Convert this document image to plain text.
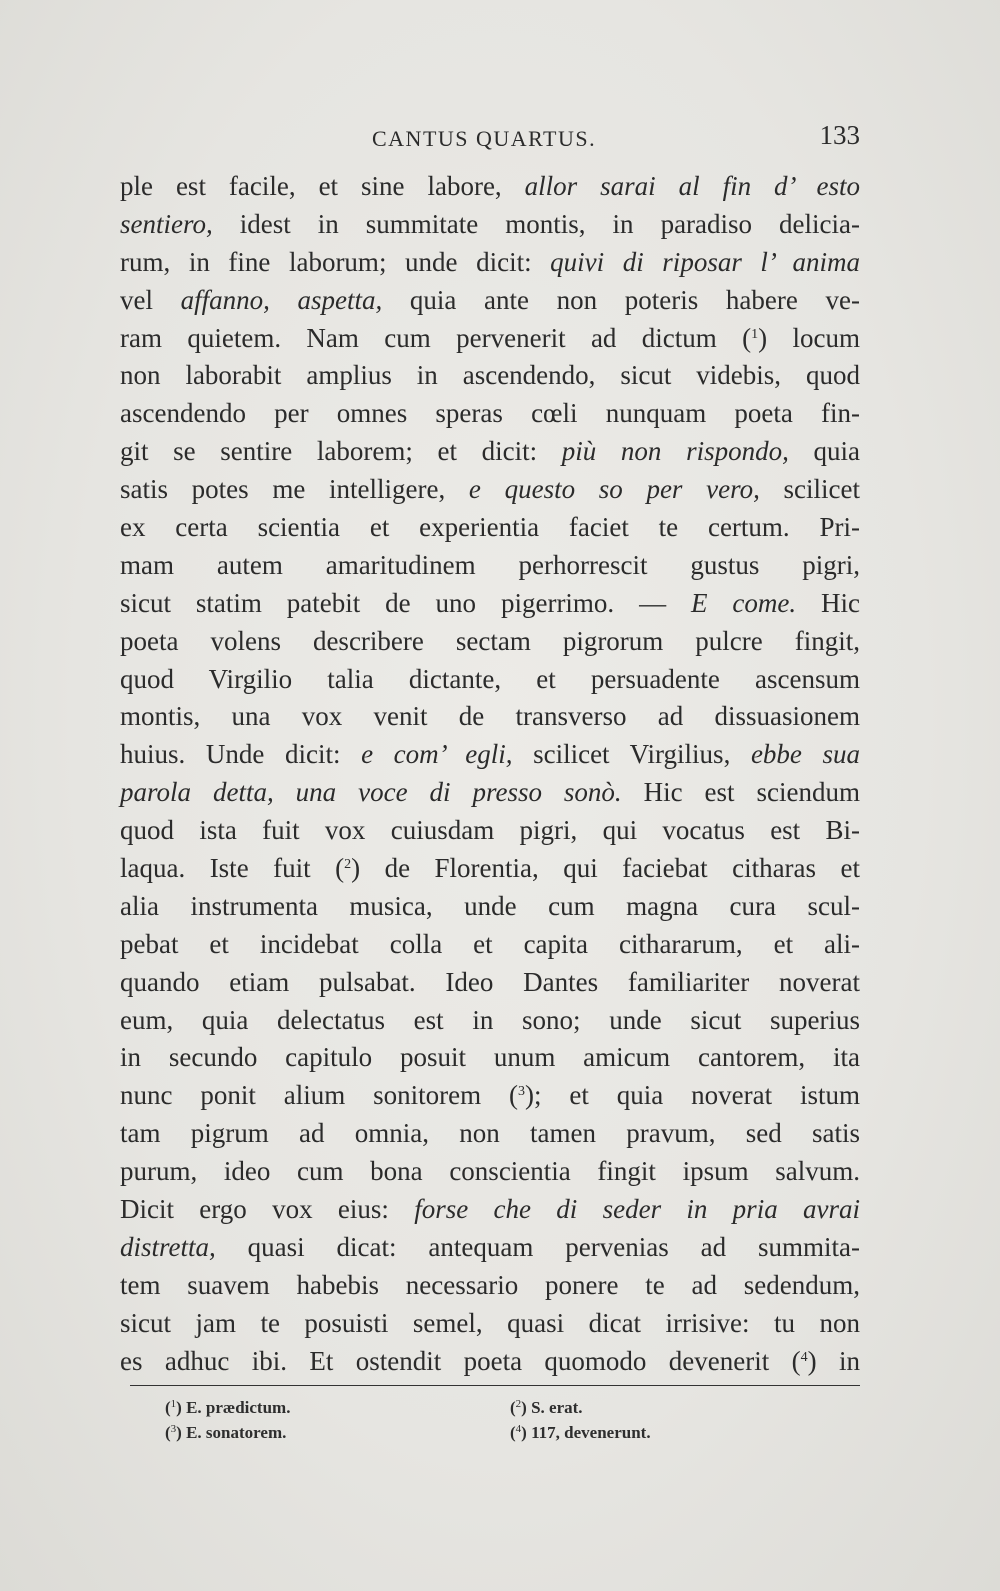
CANTUS QUARTUS.	133
ple est facile, et sine labore, allor sarai al fin d’ esto
sentiero, idest in summitate montis, in paradiso delicia-
rum, in fine laborum; unde dicit: quivi di riposar l’ anima
vel affanno, aspetta, quia ante non poteris habere ve-
ram quietem. Nam cum pervenerit ad dictum ($^1$) locum
non laborabit amplius in ascendendo, sicut videbis, quod
ascendendo per omnes speras cœli nunquam poeta fin-
git se sentire laborem; et dicit: più non rispondo, quia
satis potes me intelligere, e questo so per vero, scilicet
ex certa scientia et experientia faciet te certum. Pri-
mam autem amaritudinem perhorrescit gustus pigri,
sicut statim patebit de uno pigerrimo. — E come. Hic
poeta volens describere sectam pigrorum pulcre fingit,
quod Virgilio talia dictante, et persuadente ascensum
montis, una vox venit de transverso ad dissuasionem
huius. Unde dicit: e com’ egli, scilicet Virgilius, ebbe sua
parola detta, una voce di presso sonò. Hic est sciendum
quod ista fuit vox cuiusdam pigri, qui vocatus est Bi-
laqua. Iste fuit ($^2$) de Florentia, qui faciebat citharas et
alia instrumenta musica, unde cum magna cura scul-
pebat et incidebat colla et capita cithararum, et ali-
quando etiam pulsabat. Ideo Dantes familiariter noverat
eum, quia delectatus est in sono; unde sicut superius
in secundo capitulo posuit unum amicum cantorem, ita
nunc ponit alium sonitorem ($^3$); et quia noverat istum
tam pigrum ad omnia, non tamen pravum, sed satis
purum, ideo cum bona conscientia fingit ipsum salvum.
Dicit ergo vox eius: forse che di seder in pria avrai
distretta, quasi dicat: antequam pervenias ad summita-
tem suavem habebis necessario ponere te ad sedendum,
sicut jam te posuisti semel, quasi dicat irrisive: tu non
es adhuc ibi. Et ostendit poeta quomodo devenerit ($^4$) in
($^1$) E. prædictum.	($^2$) S. erat.
($^3$) E. sonatorem.	($^4$) 117, devenerunt.
